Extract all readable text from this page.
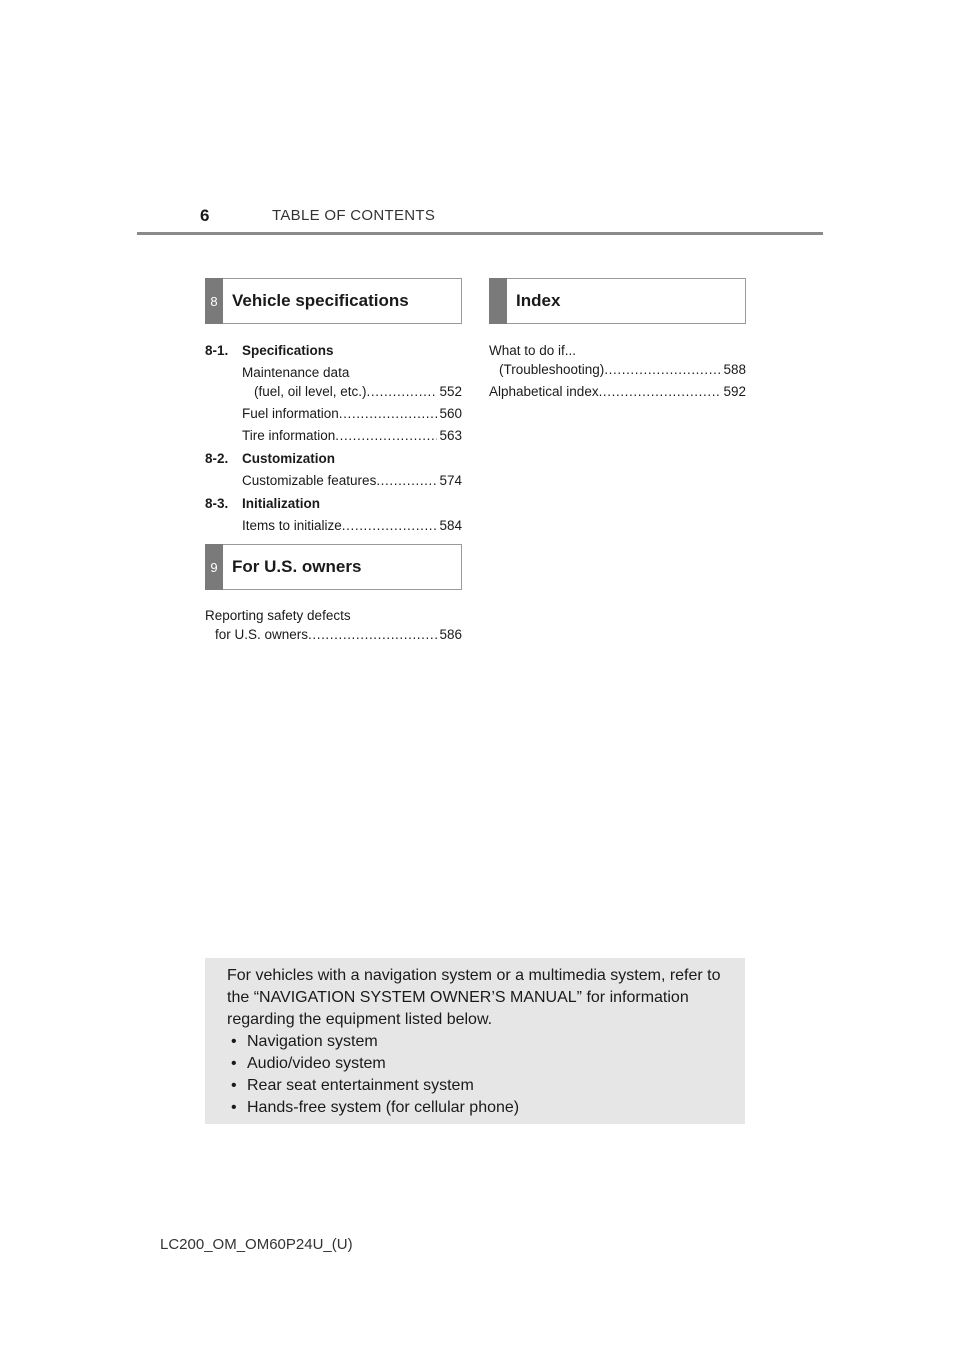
6	TABLE OF CONTENTS
8 Vehicle specifications
8-1.	Specifications
Maintenance data
(fuel, oil level, etc.) .....	552
Fuel information .....	560
Tire information .....	563
8-2.	Customization
Customizable features .....	574
8-3.	Initialization
Items to initialize .....	584
9 For U.S. owners
Reporting safety defects
for U.S. owners .....	586
Index
What to do if...
(Troubleshooting) .....	588
Alphabetical index .....	592
For vehicles with a navigation system or a multimedia system, refer to the “NAVIGATION SYSTEM OWNER’S MANUAL” for information regarding the equipment listed below.
• Navigation system
• Audio/video system
• Rear seat entertainment system
• Hands-free system (for cellular phone)
LC200_OM_OM60P24U_(U)
